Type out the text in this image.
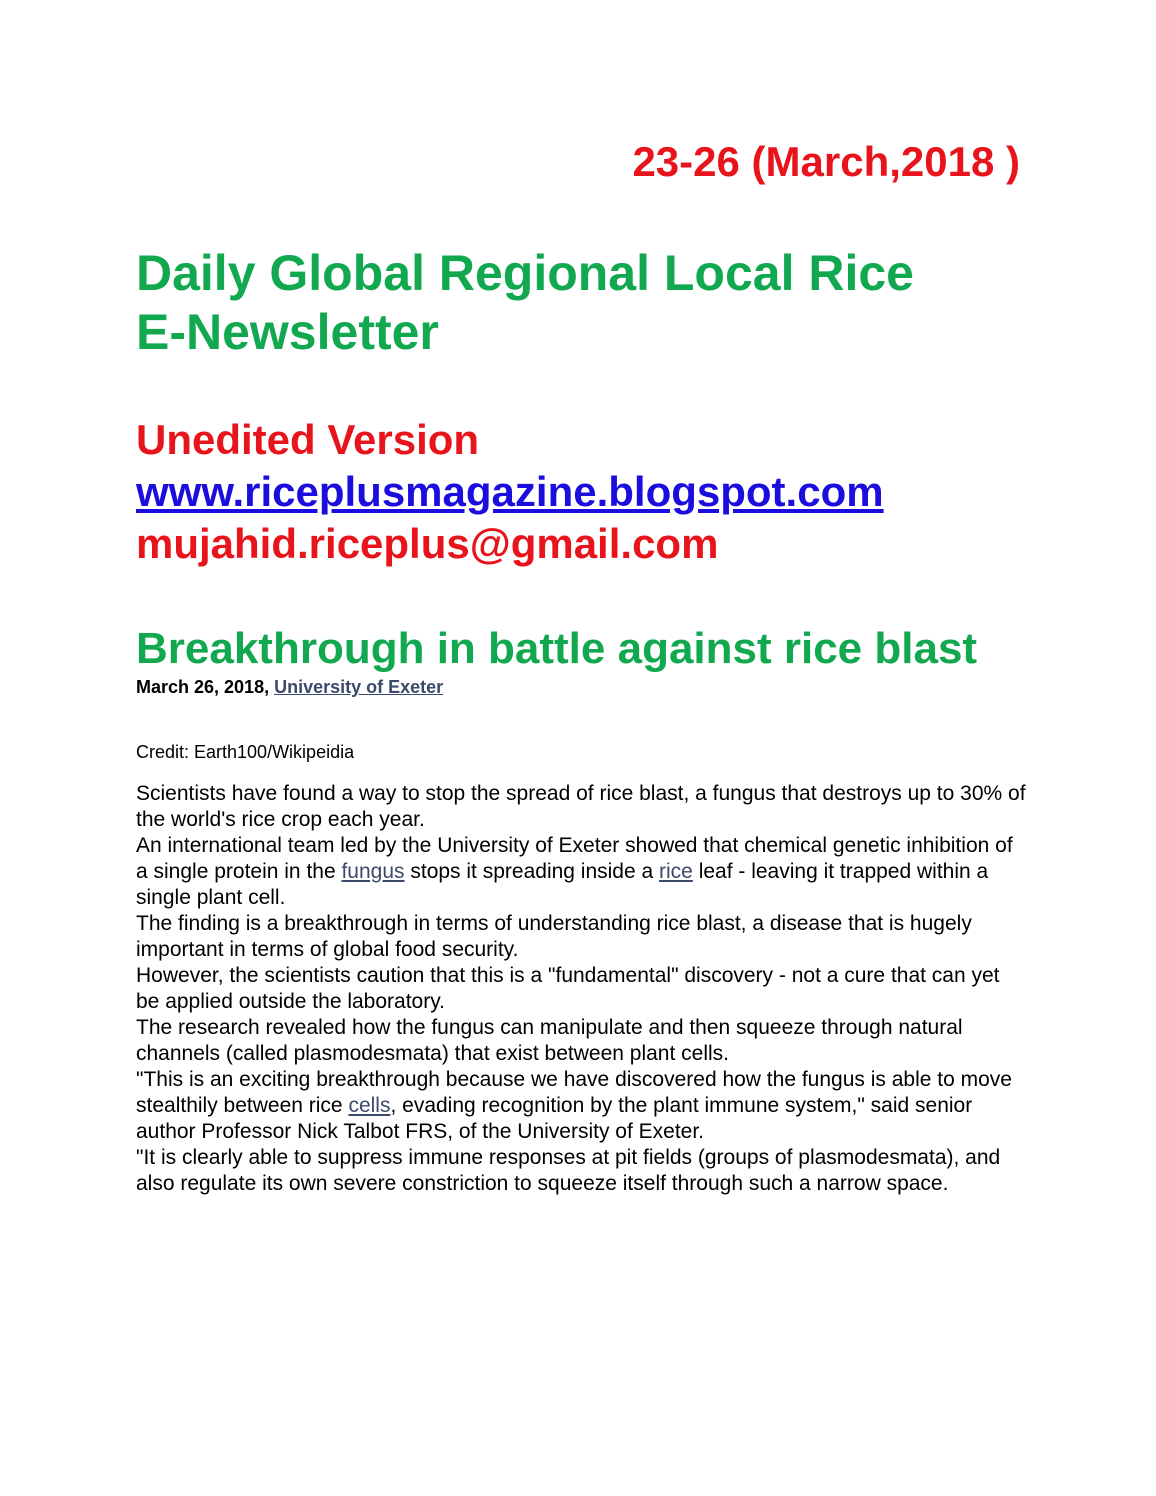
23-26 (March,2018 )
Daily Global Regional Local Rice
E-Newsletter
Unedited Version
www.riceplusmagazine.blogspot.com
mujahid.riceplus@gmail.com
Breakthrough in battle against rice blast
March 26, 2018, University of Exeter
Credit: Earth100/Wikipeidia

Scientists have found a way to stop the spread of rice blast, a fungus that destroys up to 30% of the world's rice crop each year.

An international team led by the University of Exeter showed that chemical genetic inhibition of a single protein in the fungus stops it spreading inside a rice leaf - leaving it trapped within a single plant cell.

The finding is a breakthrough in terms of understanding rice blast, a disease that is hugely important in terms of global food security.

However, the scientists caution that this is a "fundamental" discovery - not a cure that can yet be applied outside the laboratory.

The research revealed how the fungus can manipulate and then squeeze through natural channels (called plasmodesmata) that exist between plant cells.

"This is an exciting breakthrough because we have discovered how the fungus is able to move stealthily between rice cells, evading recognition by the plant immune system," said senior author Professor Nick Talbot FRS, of the University of Exeter.

"It is clearly able to suppress immune responses at pit fields (groups of plasmodesmata), and also regulate its own severe constriction to squeeze itself through such a narrow space.
